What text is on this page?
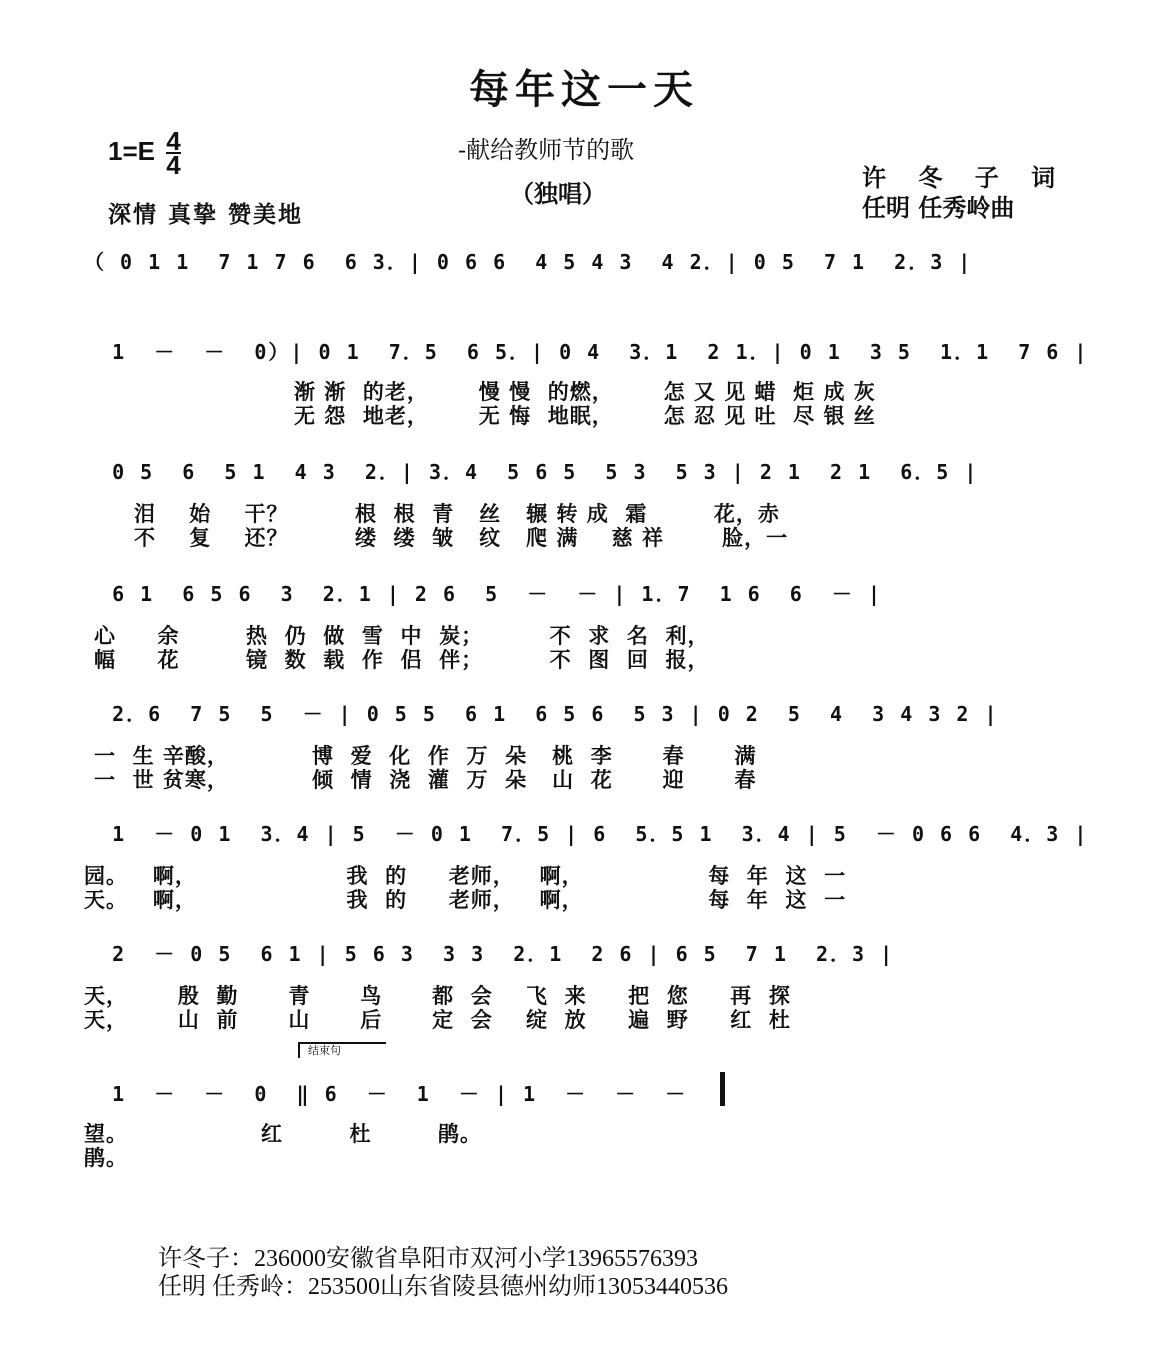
每年这一天
-献给教师节的歌
（独唱）
$1=E \frac{4}{4}$
深情 真挚 赞美地
许 冬 子 词
任明 任秀岭曲
（ 0 1 1  7 1 7 6  6 3．| 0 6 6  4 5 4 3  4 2．| 0 5  7 1  2．3 |
1  －  －  0）| 0 1  7．5  6 5．| 0 4  3．1  2 1．| 0 1  3 5  1．1  7 6 |
渐 渐  的老，      慢 慢  的燃，      怎 又 见 蜡  炬 成 灰
无 怨  地老，      无 悔  地眠，      怎 忍 见 吐  尽 银 丝
0 5  6  5 1  4 3  2．| 3．4  5 6 5  5 3  5 3 | 2 1  2 1  6．5 |
泪    始    干？        根  根  青   丝   辗 转 成  霜        花，赤
不    复    还？        缕  缕  皱   纹   爬 满    慈 祥       脸，一
6 1  6 5 6  3  2．1 | 2 6  5  －  － | 1．7  1 6  6  － |
心     余        热  仍  做  雪  中  炭；        不  求  名  利，
幅     花        镜  数  载  作  侣  伴；        不  图  回  报，
2．6  7 5  5  － | 0 5 5  6 1  6 5 6  5 3 | 0 2  5  4  3 4 3 2 |
一  生 辛酸，          博  爱  化  作  万  朵   桃  李      春      满
一  世 贫寒，          倾  情  浇  灌  万  朵   山  花      迎      春
1  － 0 1  3．4 | 5  － 0 1  7．5 | 6  5．5 1  3．4 | 5  － 0 6 6  4．3 |
园。   啊，                  我  的     老师，   啊，               每  年  这  一
天。   啊，                  我  的     老师，   啊，               每  年  这  一
2  － 0 5  6 1 | 5 6 3  3 3  2．1  2 6 | 6 5  7 1  2．3 |
天，      殷  勤      青      鸟      都  会    飞  来     把  您     再  探
天，      山  前      山      后      定  会    绽  放     遍  野     红  杜
结束句
1  －  －  0  ‖ 6  －  1  － | 1  －  －  －
望。                红        杜        鹃。
鹃。
许冬子：236000安徽省阜阳市双河小学13965576393
任明 任秀岭：253500山东省陵县德州幼师13053440536
